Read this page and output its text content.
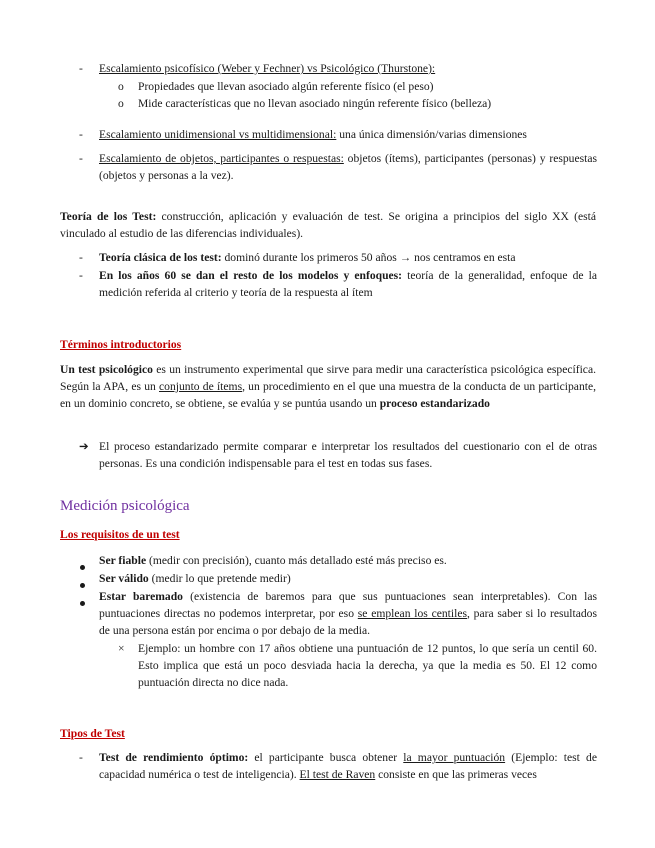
- Escalamiento psicofísico (Weber y Fechner) vs Psicológico (Thurstone):

o Propiedades que llevan asociado algún referente físico (el peso)

o Mide características que no llevan asociado ningún referente físico (belleza)

- Escalamiento unidimensional vs multidimensional: una única dimensión/varias dimensiones

- Escalamiento de objetos, participantes o respuestas: objetos (ítems), participantes (personas) y respuestas (objetos y personas a la vez).

Teoría de los Test: construcción, aplicación y evaluación de test. Se origina a principios del siglo XX (está vinculado al estudio de las diferencias individuales).

- Teoría clásica de los test: dominó durante los primeros 50 años → nos centramos en esta

- En los años 60 se dan el resto de los modelos y enfoques: teoría de la generalidad, enfoque de la medición referida al criterio y teoría de la respuesta al ítem

Términos introductorios

Un test psicológico es un instrumento experimental que sirve para medir una característica psicológica específica. Según la APA, es un conjunto de ítems, un procedimiento en el que una muestra de la conducta de un participante, en un dominio concreto, se obtiene, se evalúa y se puntúa usando un proceso estandarizado

➔ El proceso estandarizado permite comparar e interpretar los resultados del cuestionario con el de otras personas. Es una condición indispensable para el test en todas sus fases.

Medición psicológica

Los requisitos de un test

Ser fiable (medir con precisión), cuanto más detallado esté más preciso es.

Ser válido (medir lo que pretende medir)

Estar baremado (existencia de baremos para que sus puntuaciones sean interpretables). Con las puntuaciones directas no podemos interpretar, por eso se emplean los centiles, para saber si lo resultados de una persona están por encima o por debajo de la media.

× Ejemplo: un hombre con 17 años obtiene una puntuación de 12 puntos, lo que sería un centil 60. Esto implica que está un poco desviada hacia la derecha, ya que la media es 50. El 12 como puntuación directa no dice nada.

Tipos de Test

- Test de rendimiento óptimo: el participante busca obtener la mayor puntuación (Ejemplo: test de capacidad numérica o test de inteligencia). El test de Raven consiste en que las primeras veces
